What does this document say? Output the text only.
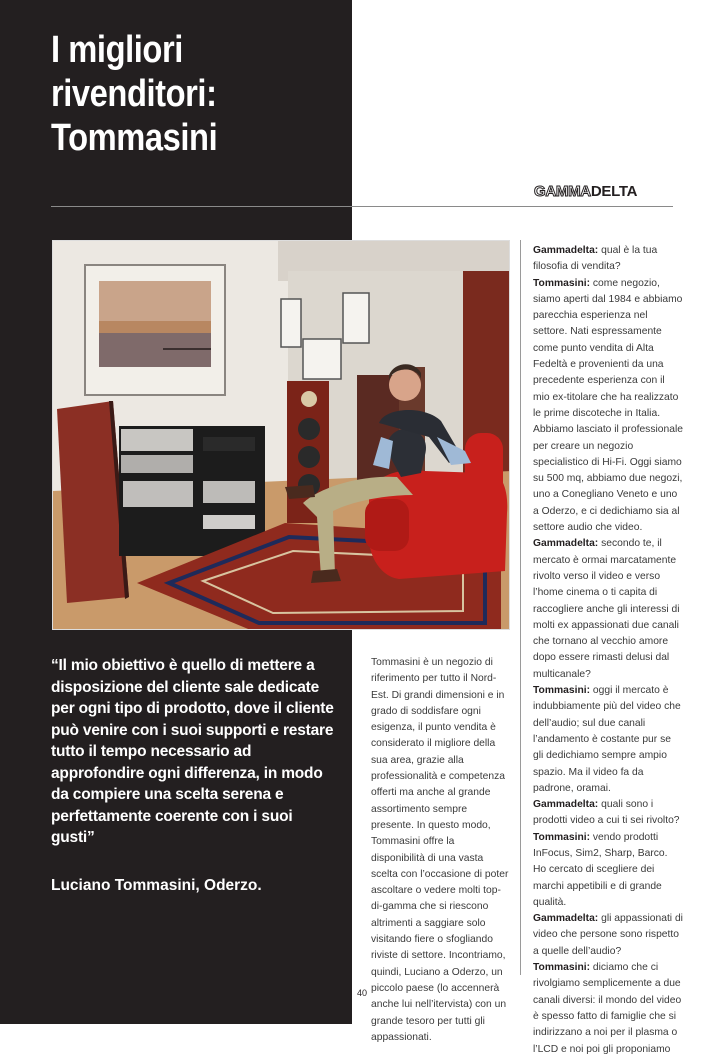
I migliori
rivenditori:
Tommasini
GAMMADELTA
“Il mio obiettivo è quello di mettere a disposizione del cliente sale dedicate per ogni tipo di prodotto, dove il cliente può venire con i suoi supporti e restare tutto il tempo necessario ad approfondire ogni differenza, in modo da compiere una scelta serena e perfettamente coerente con i suoi gusti”
Luciano Tommasini, Oderzo.
Tommasini è un negozio di riferimento per tutto il Nord-Est. Di grandi dimensioni e in grado di soddisfare ogni esigenza, il punto vendita è considerato il migliore della sua area, grazie alla professionalità e competenza offerti ma anche al grande assortimento sempre presente. In questo modo, Tommasini offre la disponibilità di una vasta scelta con l’occasione di poter ascoltare o vedere molti top-di-gamma che si riescono altrimenti a saggiare solo visitando fiere o sfogliando riviste di settore. Incontriamo, quindi, Luciano a Oderzo, un piccolo paese (lo accennerà anche lui nell’itervista) con un grande tesoro per tutti gli appassionati.

Gammadelta: qual è la tua filosofia di vendita?

Tommasini: come negozio, siamo aperti dal 1984 e abbiamo parecchia esperienza nel settore. Nati espressamente come punto vendita di Alta Fedeltà e provenienti da una precedente esperienza con il mio ex-titolare che ha realizzato le prime discoteche in Italia. Abbiamo lasciato il professionale per creare un negozio specialistico di Hi-Fi. Oggi siamo su 500 mq, abbiamo due negozi, uno a Conegliano Veneto e uno a Oderzo, e ci dedichiamo sia al settore audio che video.

Gammadelta: secondo te, il mercato è ormai marcatamente rivolto verso il video e verso l’home cinema o ti capita di raccogliere anche gli interessi di molti ex appassionati due canali che tornano al vecchio amore dopo essere rimasti delusi dal multicanale?

Tommasini: oggi il mercato è indubbiamente più del video che dell’audio; sul due canali l’andamento è costante pur se gli dedichiamo sempre ampio spazio. Ma il video fa da padrone, oramai.

Gammadelta: quali sono i prodotti video a cui ti sei rivolto?

Tommasini: vendo prodotti InFocus, Sim2, Sharp, Barco. Ho cercato di scegliere dei marchi appetibili e di grande qualità.

Gammadelta: gli appassionati di video che persone sono rispetto a quelle dell’audio?

Tommasini: diciamo che ci rivolgiamo semplicemente a due canali diversi: il mondo del video è spesso fatto di famiglie che si indirizzano a noi per il plasma o l’LCD e noi poi gli proponiamo

40
